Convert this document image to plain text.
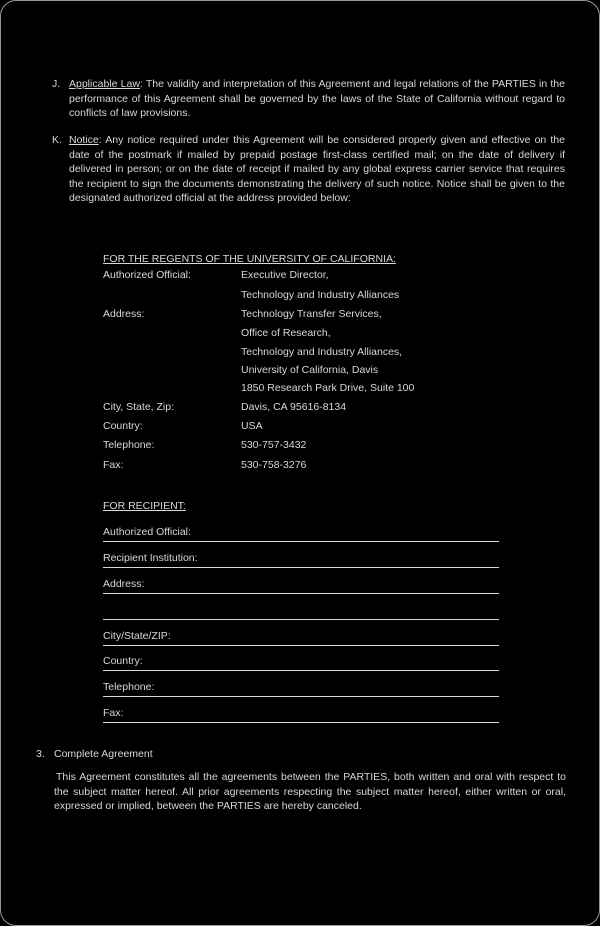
J. Applicable Law: The validity and interpretation of this Agreement and legal relations of the PARTIES in the performance of this Agreement shall be governed by the laws of the State of California without regard to conflicts of law provisions.
K. Notice: Any notice required under this Agreement will be considered properly given and effective on the date of the postmark if mailed by prepaid postage first-class certified mail; on the date of delivery if delivered in person; or on the date of receipt if mailed by any global express carrier service that requires the recipient to sign the documents demonstrating the delivery of such notice. Notice shall be given to the designated authorized official at the address provided below:
FOR THE REGENTS OF THE UNIVERSITY OF CALIFORNIA:
Authorized Official:	Executive Director,
Technology and Industry Alliances
Address:	Technology Transfer Services,
Office of Research,
Technology and Industry Alliances,
University of California, Davis
1850 Research Park Drive, Suite 100
City, State, Zip:	Davis, CA 95616-8134
Country:	USA
Telephone:	530-757-3432
Fax:	530-758-3276
FOR RECIPIENT:
Authorized Official:
Recipient Institution:
Address:
City/State/ZIP:
Country:
Telephone:
Fax:
3. Complete Agreement
This Agreement constitutes all the agreements between the PARTIES, both written and oral with respect to the subject matter hereof. All prior agreements respecting the subject matter hereof, either written or oral, expressed or implied, between the PARTIES are hereby canceled.
